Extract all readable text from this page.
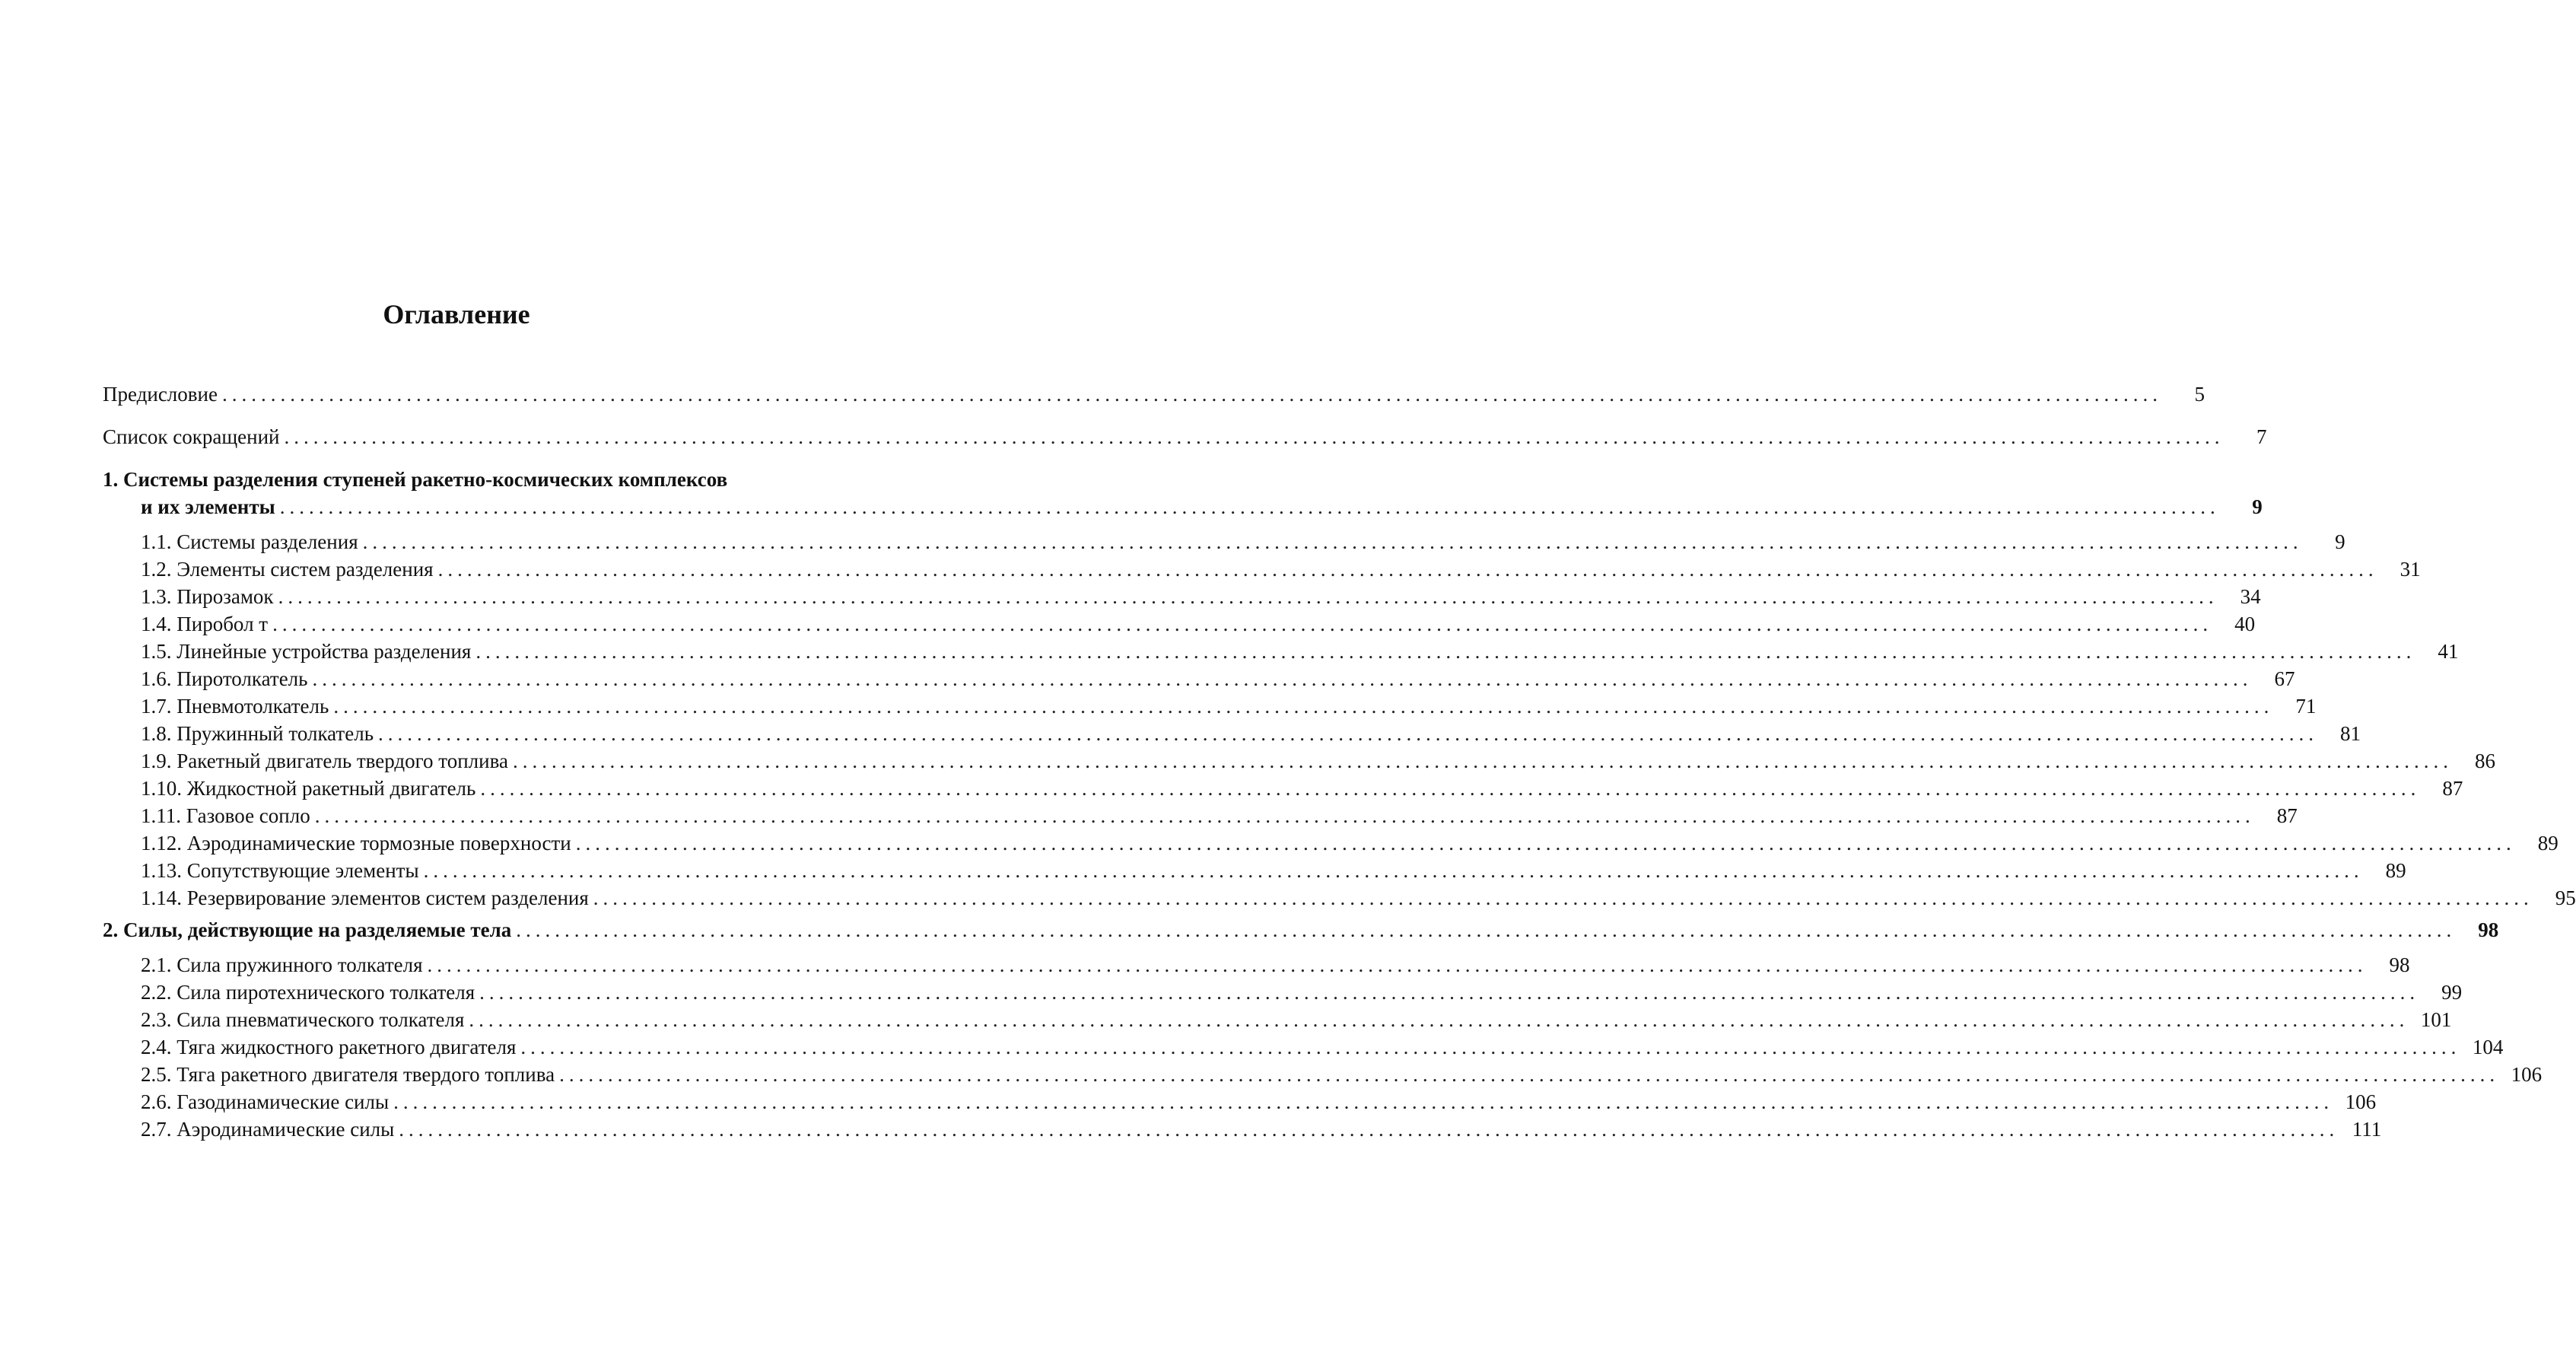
Оглавление
Предисловие ........................................................................................................................................................................................................	5
Список сокращений ........................................................................................................................................................................................................	7
1. Системы разделения ступеней ракетно-космических комплексов
и их элементы ........................................................................................................................................................................................................	9
1.1. Системы разделения ........................................................................................................................................................................................................	9
1.2. Элементы систем разделения ........................................................................................................................................................................................................	31
1.3. Пирозамок ........................................................................................................................................................................................................	34
1.4. Пиробол т ........................................................................................................................................................................................................	40
1.5. Линейные устройства разделения ........................................................................................................................................................................................................	41
1.6. Пиротолкатель ........................................................................................................................................................................................................	67
1.7. Пневмотолкатель ........................................................................................................................................................................................................	71
1.8. Пружинный толкатель ........................................................................................................................................................................................................	81
1.9. Ракетный двигатель твердого топлива ........................................................................................................................................................................................................	86
1.10. Жидкостной ракетный двигатель ........................................................................................................................................................................................................	87
1.11. Газовое сопло ........................................................................................................................................................................................................	87
1.12. Аэродинамические тормозные поверхности ........................................................................................................................................................................................................	89
1.13. Сопутствующие элементы ........................................................................................................................................................................................................	89
1.14. Резервирование элементов систем разделения ........................................................................................................................................................................................................	95
2. Силы, действующие на разделяемые тела ........................................................................................................................................................................................................	98
2.1. Сила пружинного толкателя ........................................................................................................................................................................................................	98
2.2. Сила пиротехнического толкателя ........................................................................................................................................................................................................	99
2.3. Сила пневматического толкателя ........................................................................................................................................................................................................ 101
2.4. Тяга жидкостного ракетного двигателя ........................................................................................................................................................................................................ 104
2.5. Тяга ракетного двигателя твердого топлива ........................................................................................................................................................................................................ 106
2.6. Газодинамические силы ........................................................................................................................................................................................................ 106
2.7. Аэродинамические силы ........................................................................................................................................................................................................ 111
